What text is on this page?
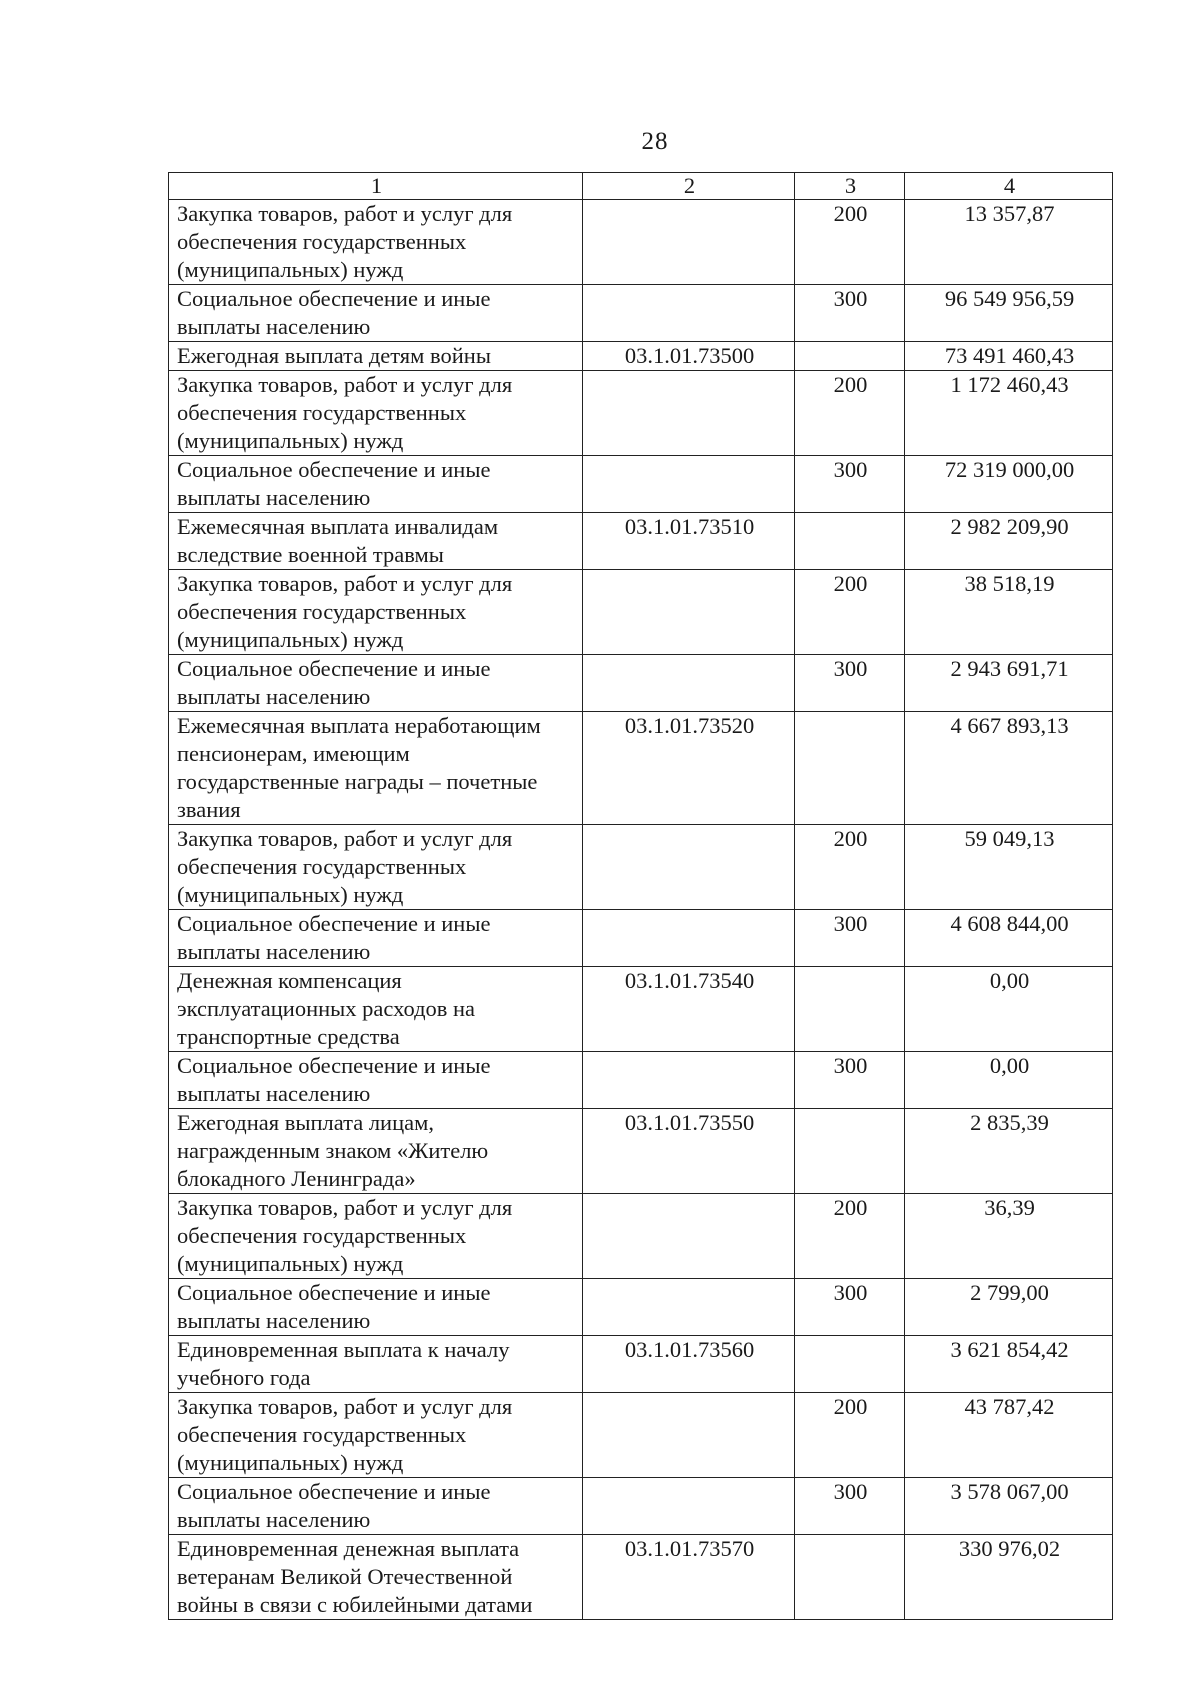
28
1	2	3	4
Закупка товаров, работ и услуг для обеспечения государственных (муниципальных) нужд		200	13 357,87
Социальное обеспечение и иные выплаты населению		300	96 549 956,59
Ежегодная выплата детям войны	03.1.01.73500		73 491 460,43
Закупка товаров, работ и услуг для обеспечения государственных (муниципальных) нужд		200	1 172 460,43
Социальное обеспечение и иные выплаты населению		300	72 319 000,00
Ежемесячная выплата инвалидам вследствие военной травмы	03.1.01.73510		2 982 209,90
Закупка товаров, работ и услуг для обеспечения государственных (муниципальных) нужд		200	38 518,19
Социальное обеспечение и иные выплаты населению		300	2 943 691,71
Ежемесячная выплата неработающим пенсионерам, имеющим государственные награды – почетные звания	03.1.01.73520		4 667 893,13
Закупка товаров, работ и услуг для обеспечения государственных (муниципальных) нужд		200	59 049,13
Социальное обеспечение и иные выплаты населению		300	4 608 844,00
Денежная компенсация эксплуатационных расходов на транспортные средства	03.1.01.73540		0,00
Социальное обеспечение и иные выплаты населению		300	0,00
Ежегодная выплата лицам, награжденным знаком «Жителю блокадного Ленинграда»	03.1.01.73550		2 835,39
Закупка товаров, работ и услуг для обеспечения государственных (муниципальных) нужд		200	36,39
Социальное обеспечение и иные выплаты населению		300	2 799,00
Единовременная выплата к началу учебного года	03.1.01.73560		3 621 854,42
Закупка товаров, работ и услуг для обеспечения государственных (муниципальных) нужд		200	43 787,42
Социальное обеспечение и иные выплаты населению		300	3 578 067,00
Единовременная денежная выплата ветеранам Великой Отечественной войны в связи с юбилейными датами	03.1.01.73570		330 976,02
